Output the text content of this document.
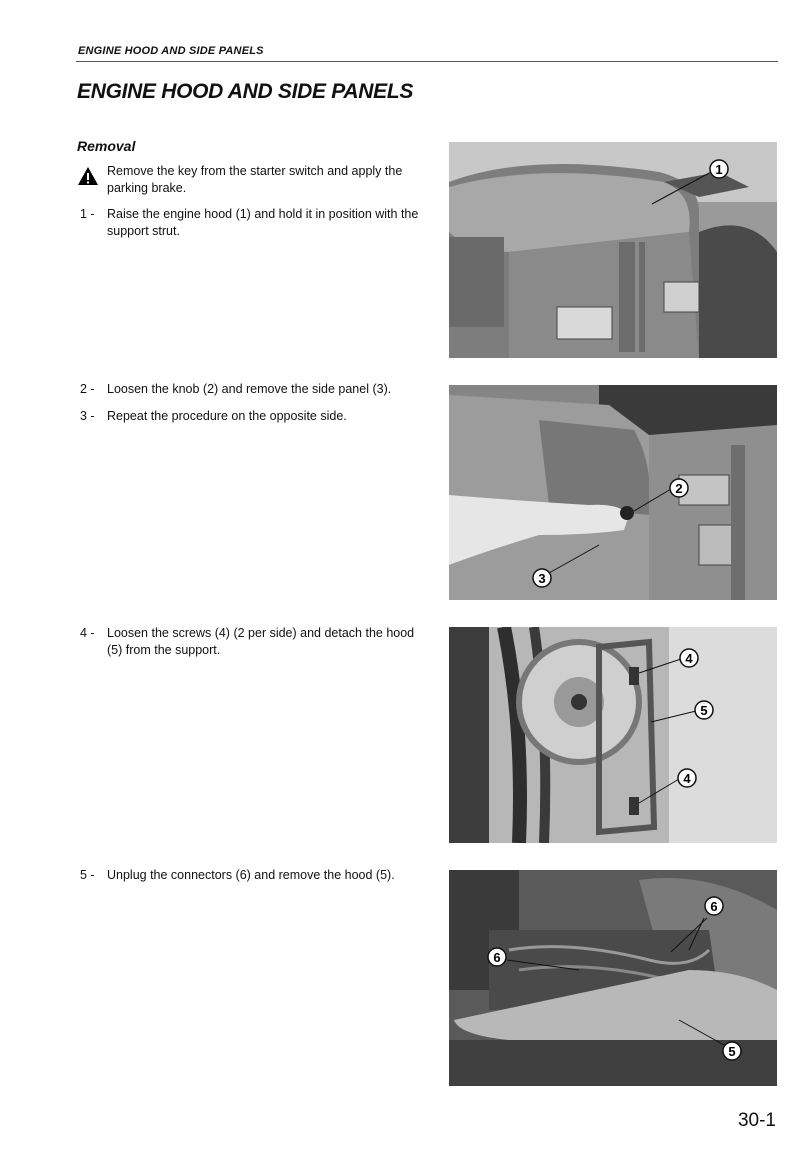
ENGINE HOOD AND SIDE PANELS
ENGINE HOOD AND SIDE PANELS
Removal
Remove the key from the starter switch and apply the parking brake.
1 - Raise the engine hood (1) and hold it in position with the support strut.
2 - Loosen the knob (2) and remove the side panel (3).
3 - Repeat the procedure on the opposite side.
4 - Loosen the screws (4) (2 per side) and detach the hood (5) from the support.
5 - Unplug the connectors (6) and remove the hood (5).
1
2
3
4
5
4
6
6
5
30-1
